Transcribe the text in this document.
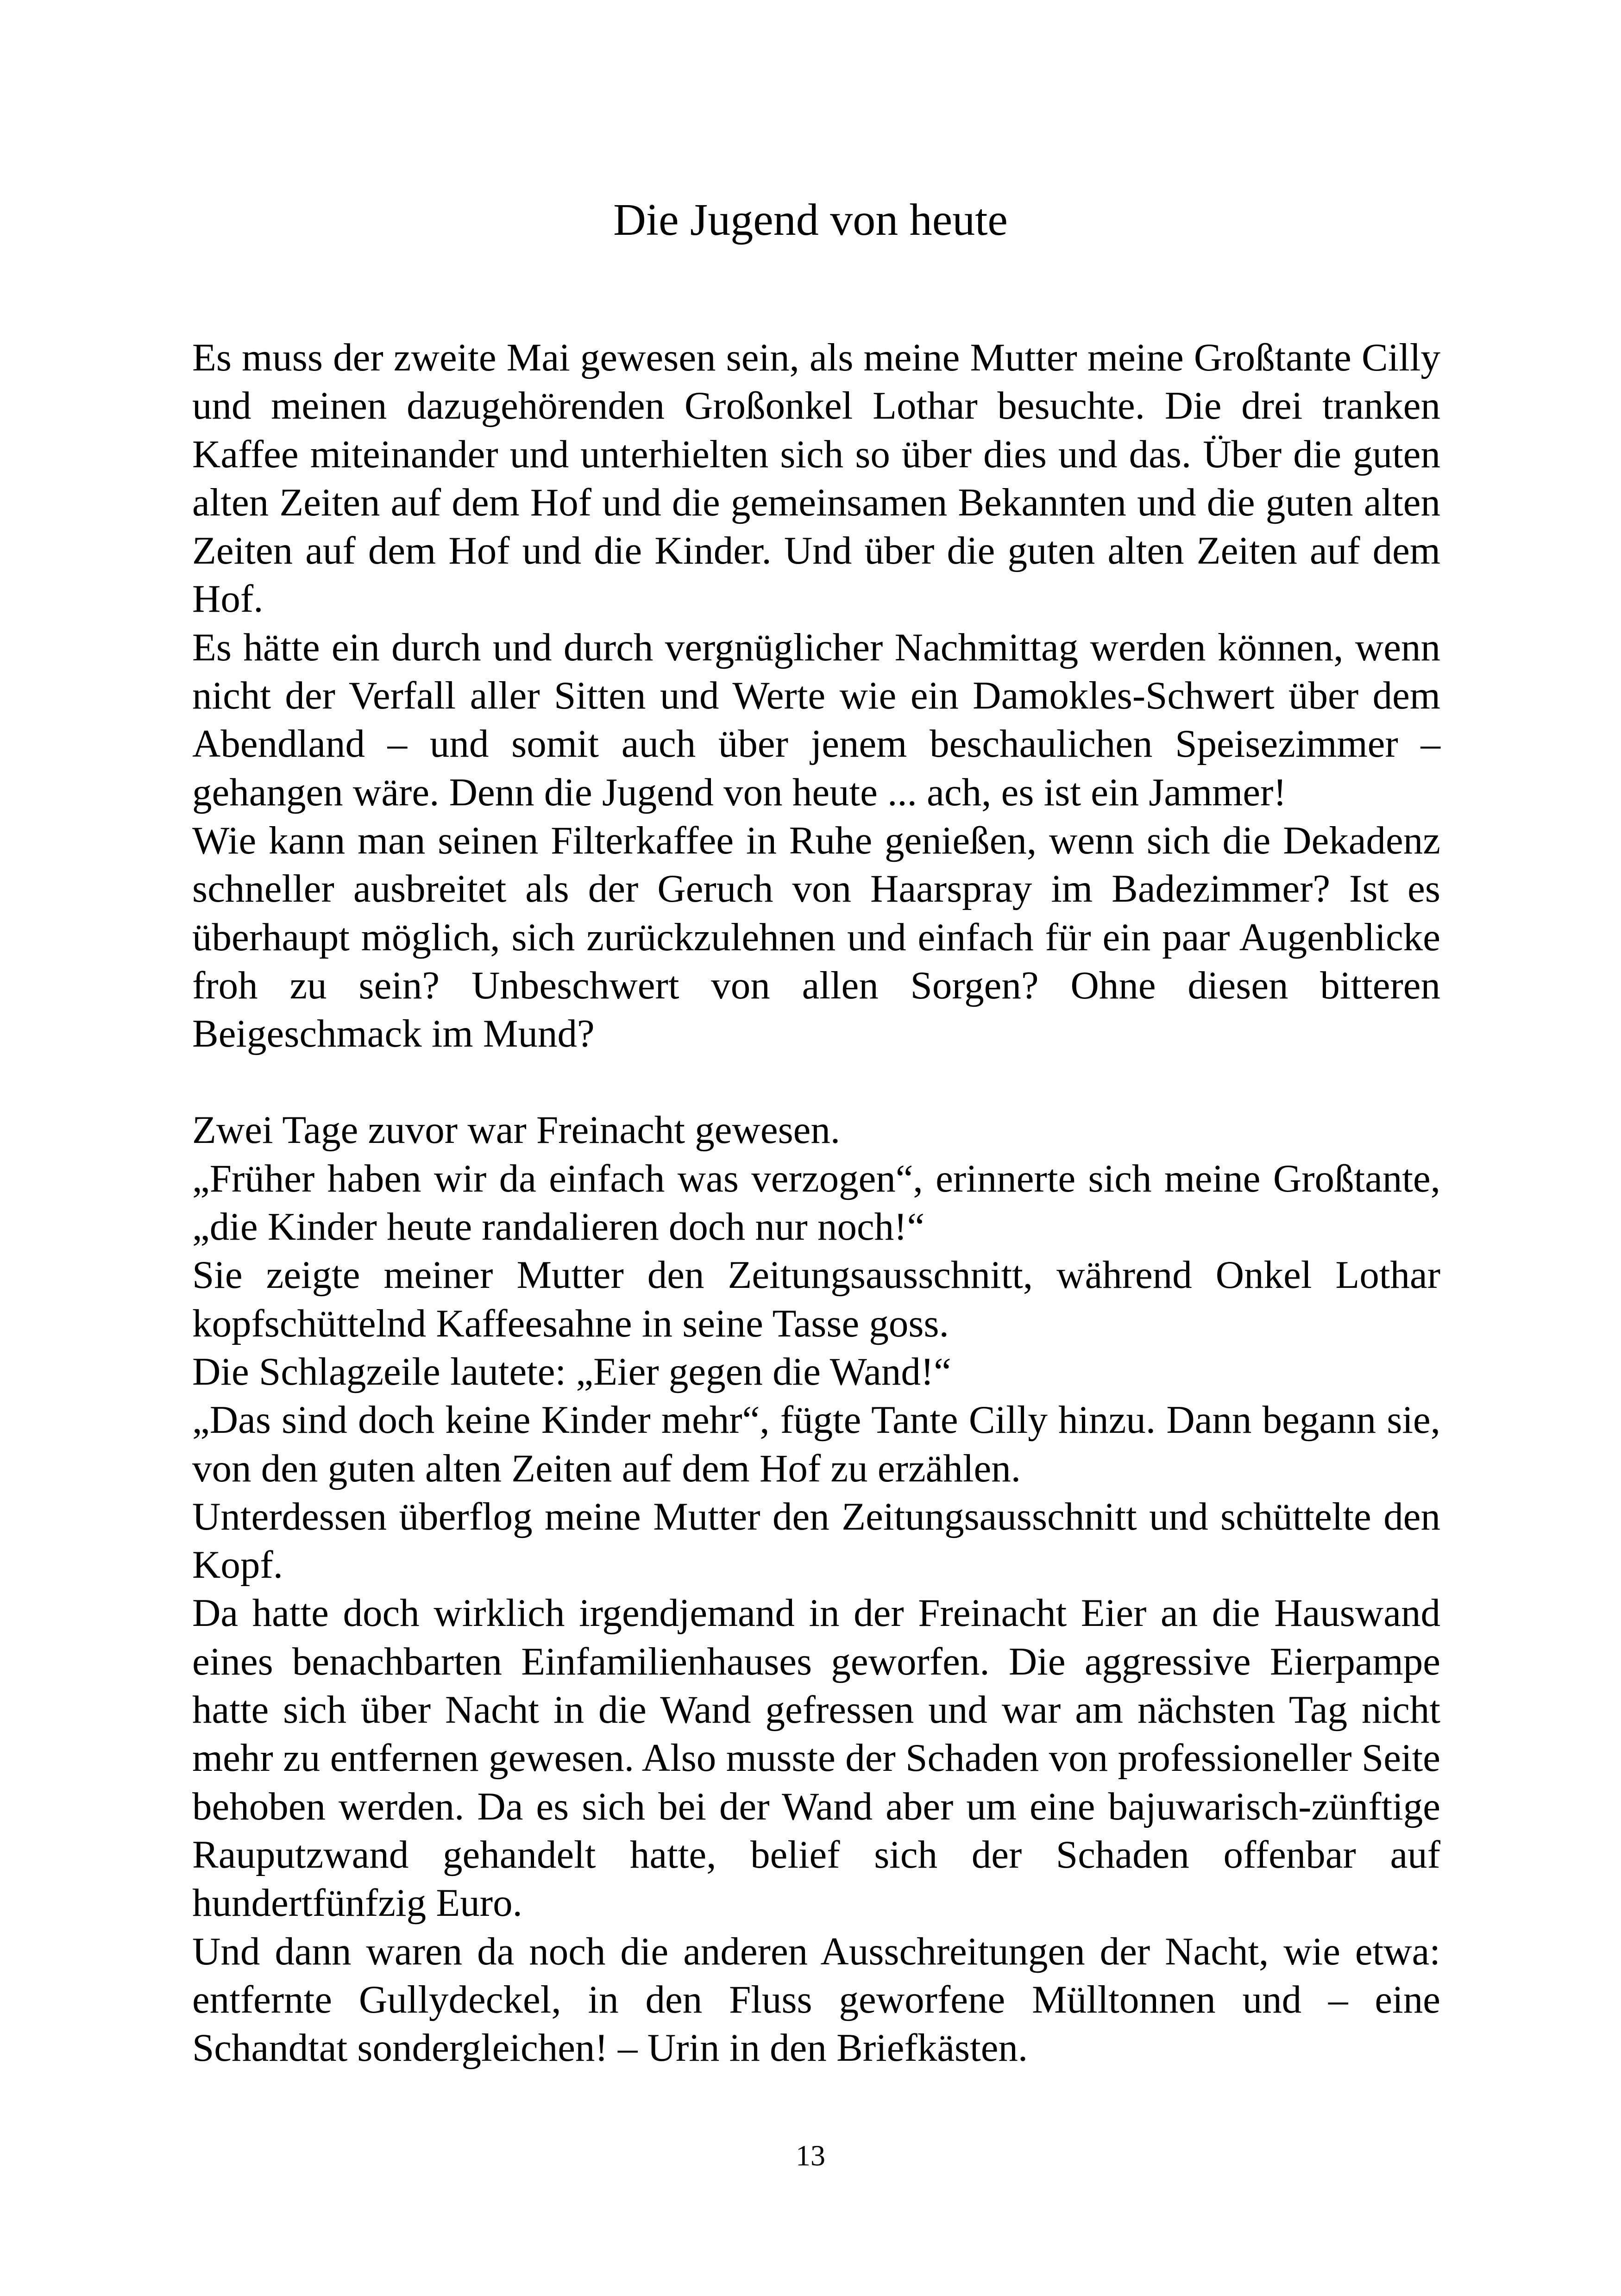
Die Jugend von heute

Es muss der zweite Mai gewesen sein, als meine Mutter meine Großtante Cilly und meinen dazugehörenden Großonkel Lothar besuchte. Die drei tranken Kaffee miteinander und unterhielten sich so über dies und das. Über die guten alten Zeiten auf dem Hof und die gemeinsamen Bekannten und die guten alten Zeiten auf dem Hof und die Kinder. Und über die guten alten Zeiten auf dem Hof.

Es hätte ein durch und durch vergnüglicher Nachmittag werden können, wenn nicht der Verfall aller Sitten und Werte wie ein Damokles-Schwert über dem Abendland – und somit auch über jenem beschaulichen Speisezimmer – gehangen wäre. Denn die Jugend von heute ... ach, es ist ein Jammer!

Wie kann man seinen Filterkaffee in Ruhe genießen, wenn sich die Dekadenz schneller ausbreitet als der Geruch von Haarspray im Badezimmer? Ist es überhaupt möglich, sich zurückzulehnen und einfach für ein paar Augenblicke froh zu sein? Unbeschwert von allen Sorgen? Ohne diesen bitteren Beigeschmack im Mund?

Zwei Tage zuvor war Freinacht gewesen.

„Früher haben wir da einfach was verzogen“, erinnerte sich meine Großtante, „die Kinder heute randalieren doch nur noch!“

Sie zeigte meiner Mutter den Zeitungsausschnitt, während Onkel Lothar kopfschüttelnd Kaffeesahne in seine Tasse goss.

Die Schlagzeile lautete: „Eier gegen die Wand!“

„Das sind doch keine Kinder mehr“, fügte Tante Cilly hinzu. Dann begann sie, von den guten alten Zeiten auf dem Hof zu erzählen.

Unterdessen überflog meine Mutter den Zeitungsausschnitt und schüttelte den Kopf.

Da hatte doch wirklich irgendjemand in der Freinacht Eier an die Hauswand eines benachbarten Einfamilienhauses geworfen. Die aggressive Eierpampe hatte sich über Nacht in die Wand gefressen und war am nächsten Tag nicht mehr zu entfernen gewesen. Also musste der Schaden von professioneller Seite behoben werden. Da es sich bei der Wand aber um eine bajuwarisch-zünftige Rauputzwand gehandelt hatte, belief sich der Schaden offenbar auf hundertfünfzig Euro.

Und dann waren da noch die anderen Ausschreitungen der Nacht, wie etwa: entfernte Gullydeckel, in den Fluss geworfene Mülltonnen und – eine Schandtat sondergleichen! – Urin in den Briefkästen.

13
